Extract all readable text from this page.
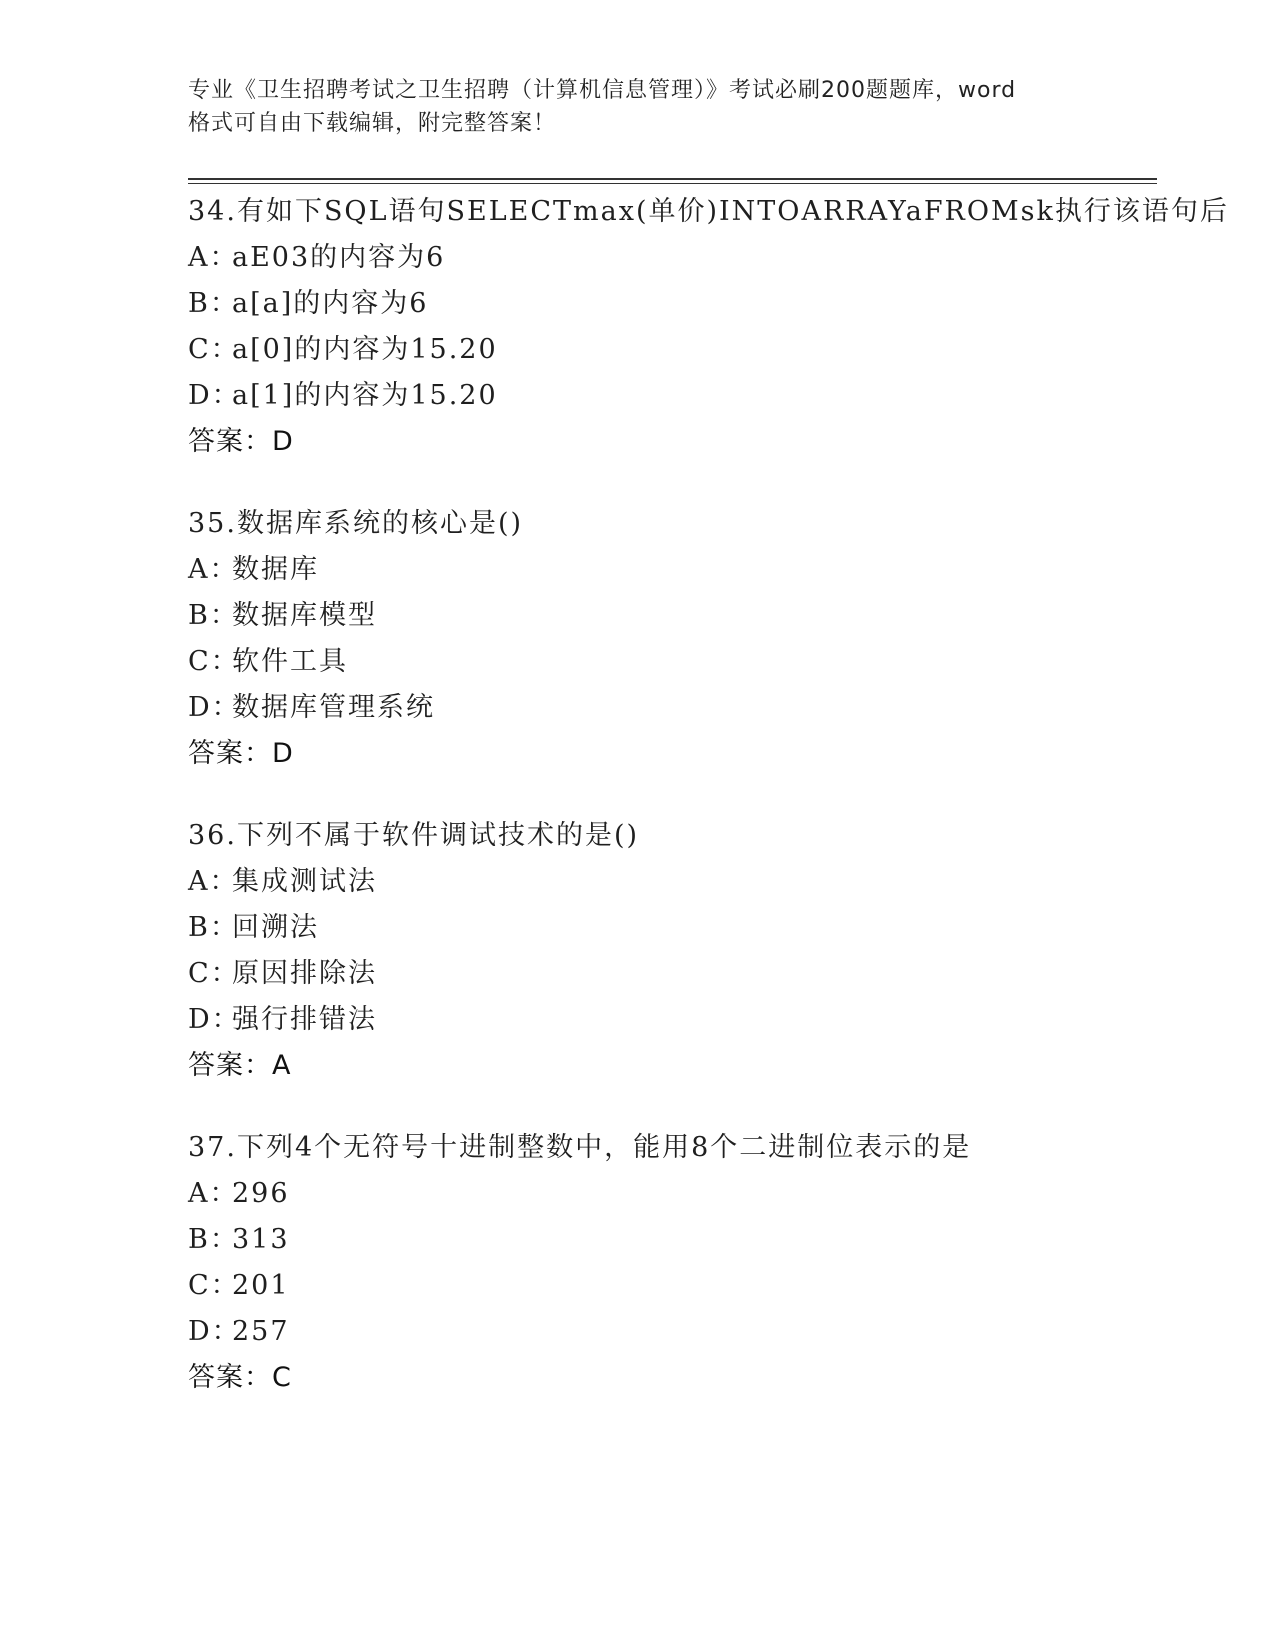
专业《卫生招聘考试之卫生招聘（计算机信息管理）》考试必刷200题题库，word
格式可自由下载编辑，附完整答案！
34.有如下SQL语句SELECTmax(单价)INTOARRAYaFROMsk执行该语句后
A：aE03的内容为6
B：a[a]的内容为6
C：a[0]的内容为15.20
D：a[1]的内容为15.20
答案：D
35.数据库系统的核心是()
A：数据库
B：数据库模型
C：软件工具
D：数据库管理系统
答案：D
36.下列不属于软件调试技术的是()
A：集成测试法
B：回溯法
C：原因排除法
D：强行排错法
答案：A
37.下列4个无符号十进制整数中，能用8个二进制位表示的是
A：296
B：313
C：201
D：257
答案：C
